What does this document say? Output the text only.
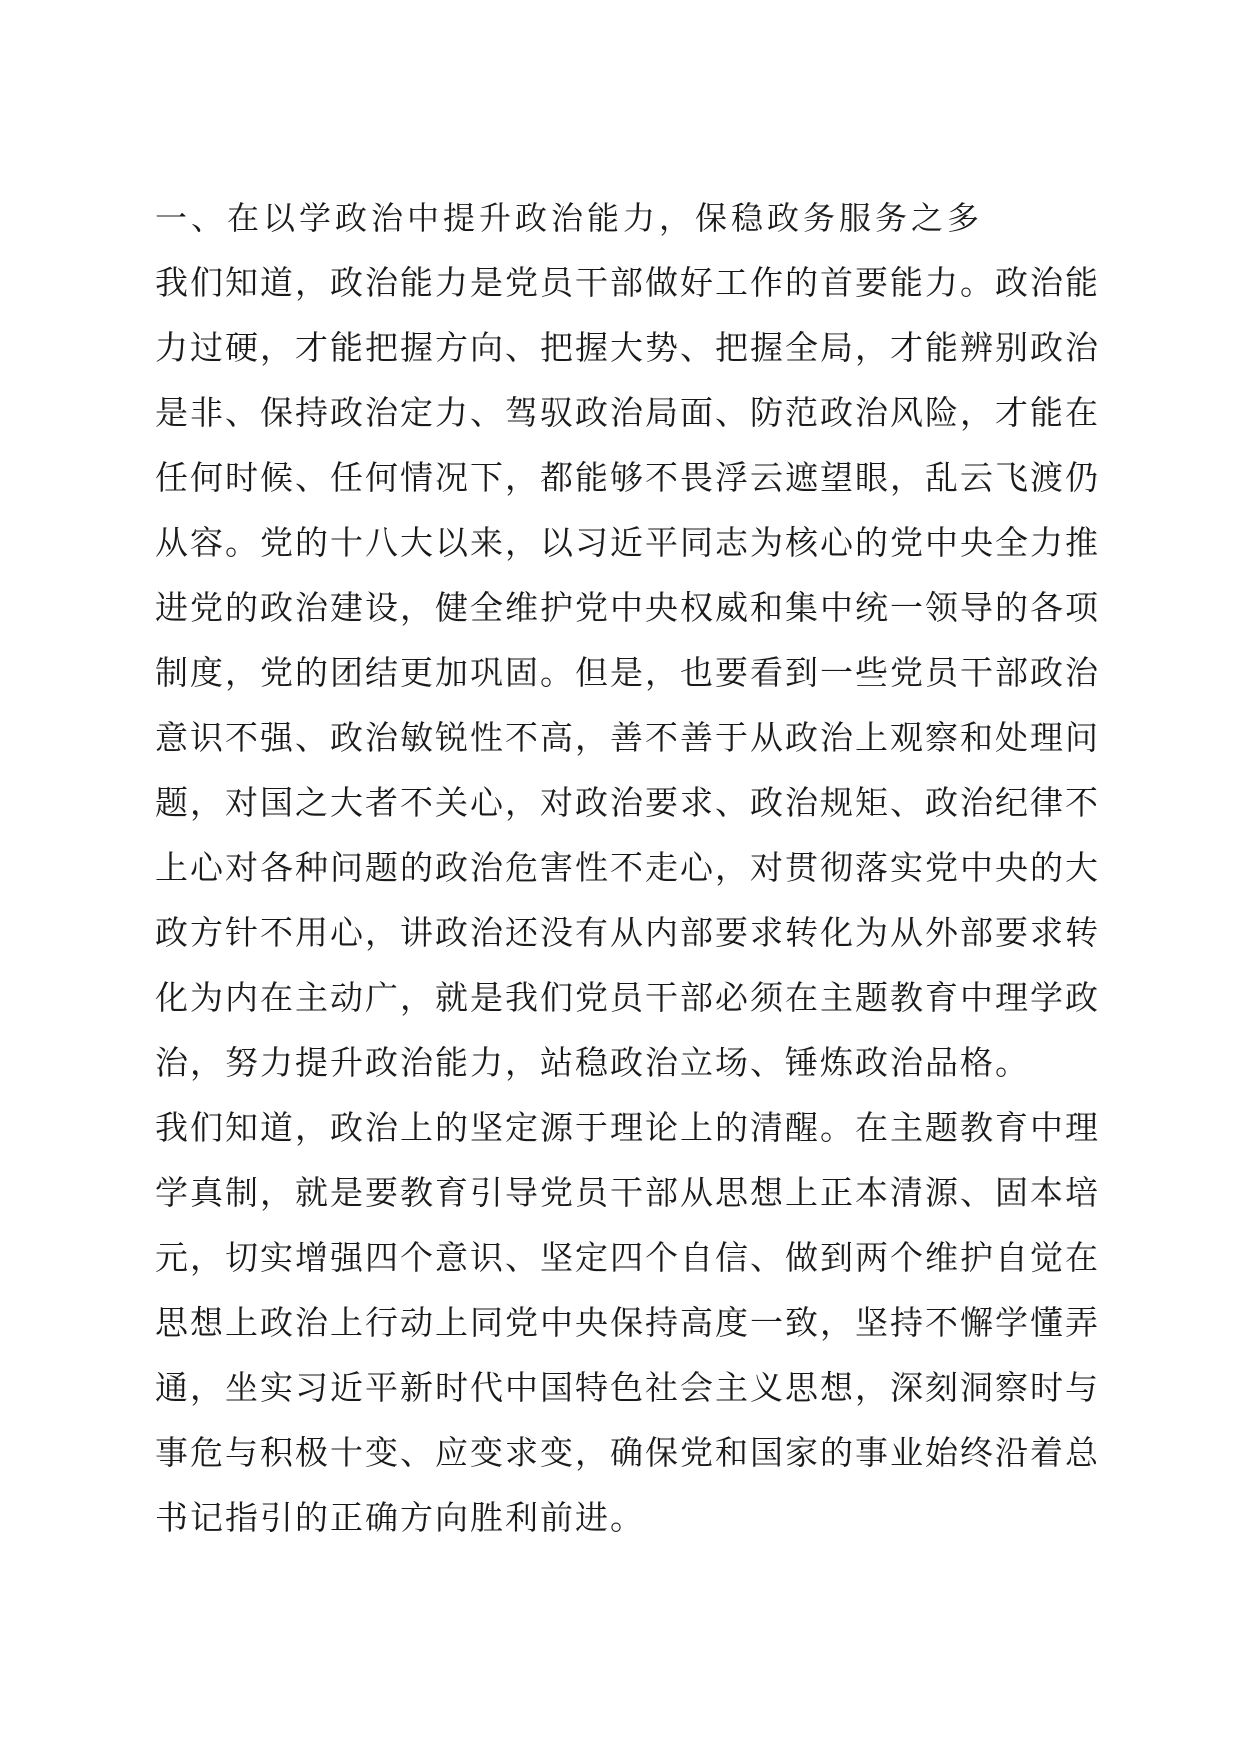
一、在以学政治中提升政治能力，保稳政务服务之多

我们知道，政治能力是党员干部做好工作的首要能力。政治能
力过硬，才能把握方向、把握大势、把握全局，才能辨别政治
是非、保持政治定力、驾驭政治局面、防范政治风险，才能在
任何时候、任何情况下，都能够不畏浮云遮望眼，乱云飞渡仍
从容。党的十八大以来，以习近平同志为核心的党中央全力推
进党的政治建设，健全维护党中央权威和集中统一领导的各项
制度，党的团结更加巩固。但是，也要看到一些党员干部政治
意识不强、政治敏锐性不高，善不善于从政治上观察和处理问
题，对国之大者不关心，对政治要求、政治规矩、政治纪律不
上心对各种问题的政治危害性不走心，对贯彻落实党中央的大
政方针不用心，讲政治还没有从内部要求转化为从外部要求转
化为内在主动广，就是我们党员干部必须在主题教育中理学政
治，努力提升政治能力，站稳政治立场、锤炼政治品格。

我们知道，政治上的坚定源于理论上的清醒。在主题教育中理
学真制，就是要教育引导党员干部从思想上正本清源、固本培
元，切实增强四个意识、坚定四个自信、做到两个维护自觉在
思想上政治上行动上同党中央保持高度一致，坚持不懈学懂弄
通，坐实习近平新时代中国特色社会主义思想，深刻洞察时与
事危与积极十变、应变求变，确保党和国家的事业始终沿着总
书记指引的正确方向胜利前进。
